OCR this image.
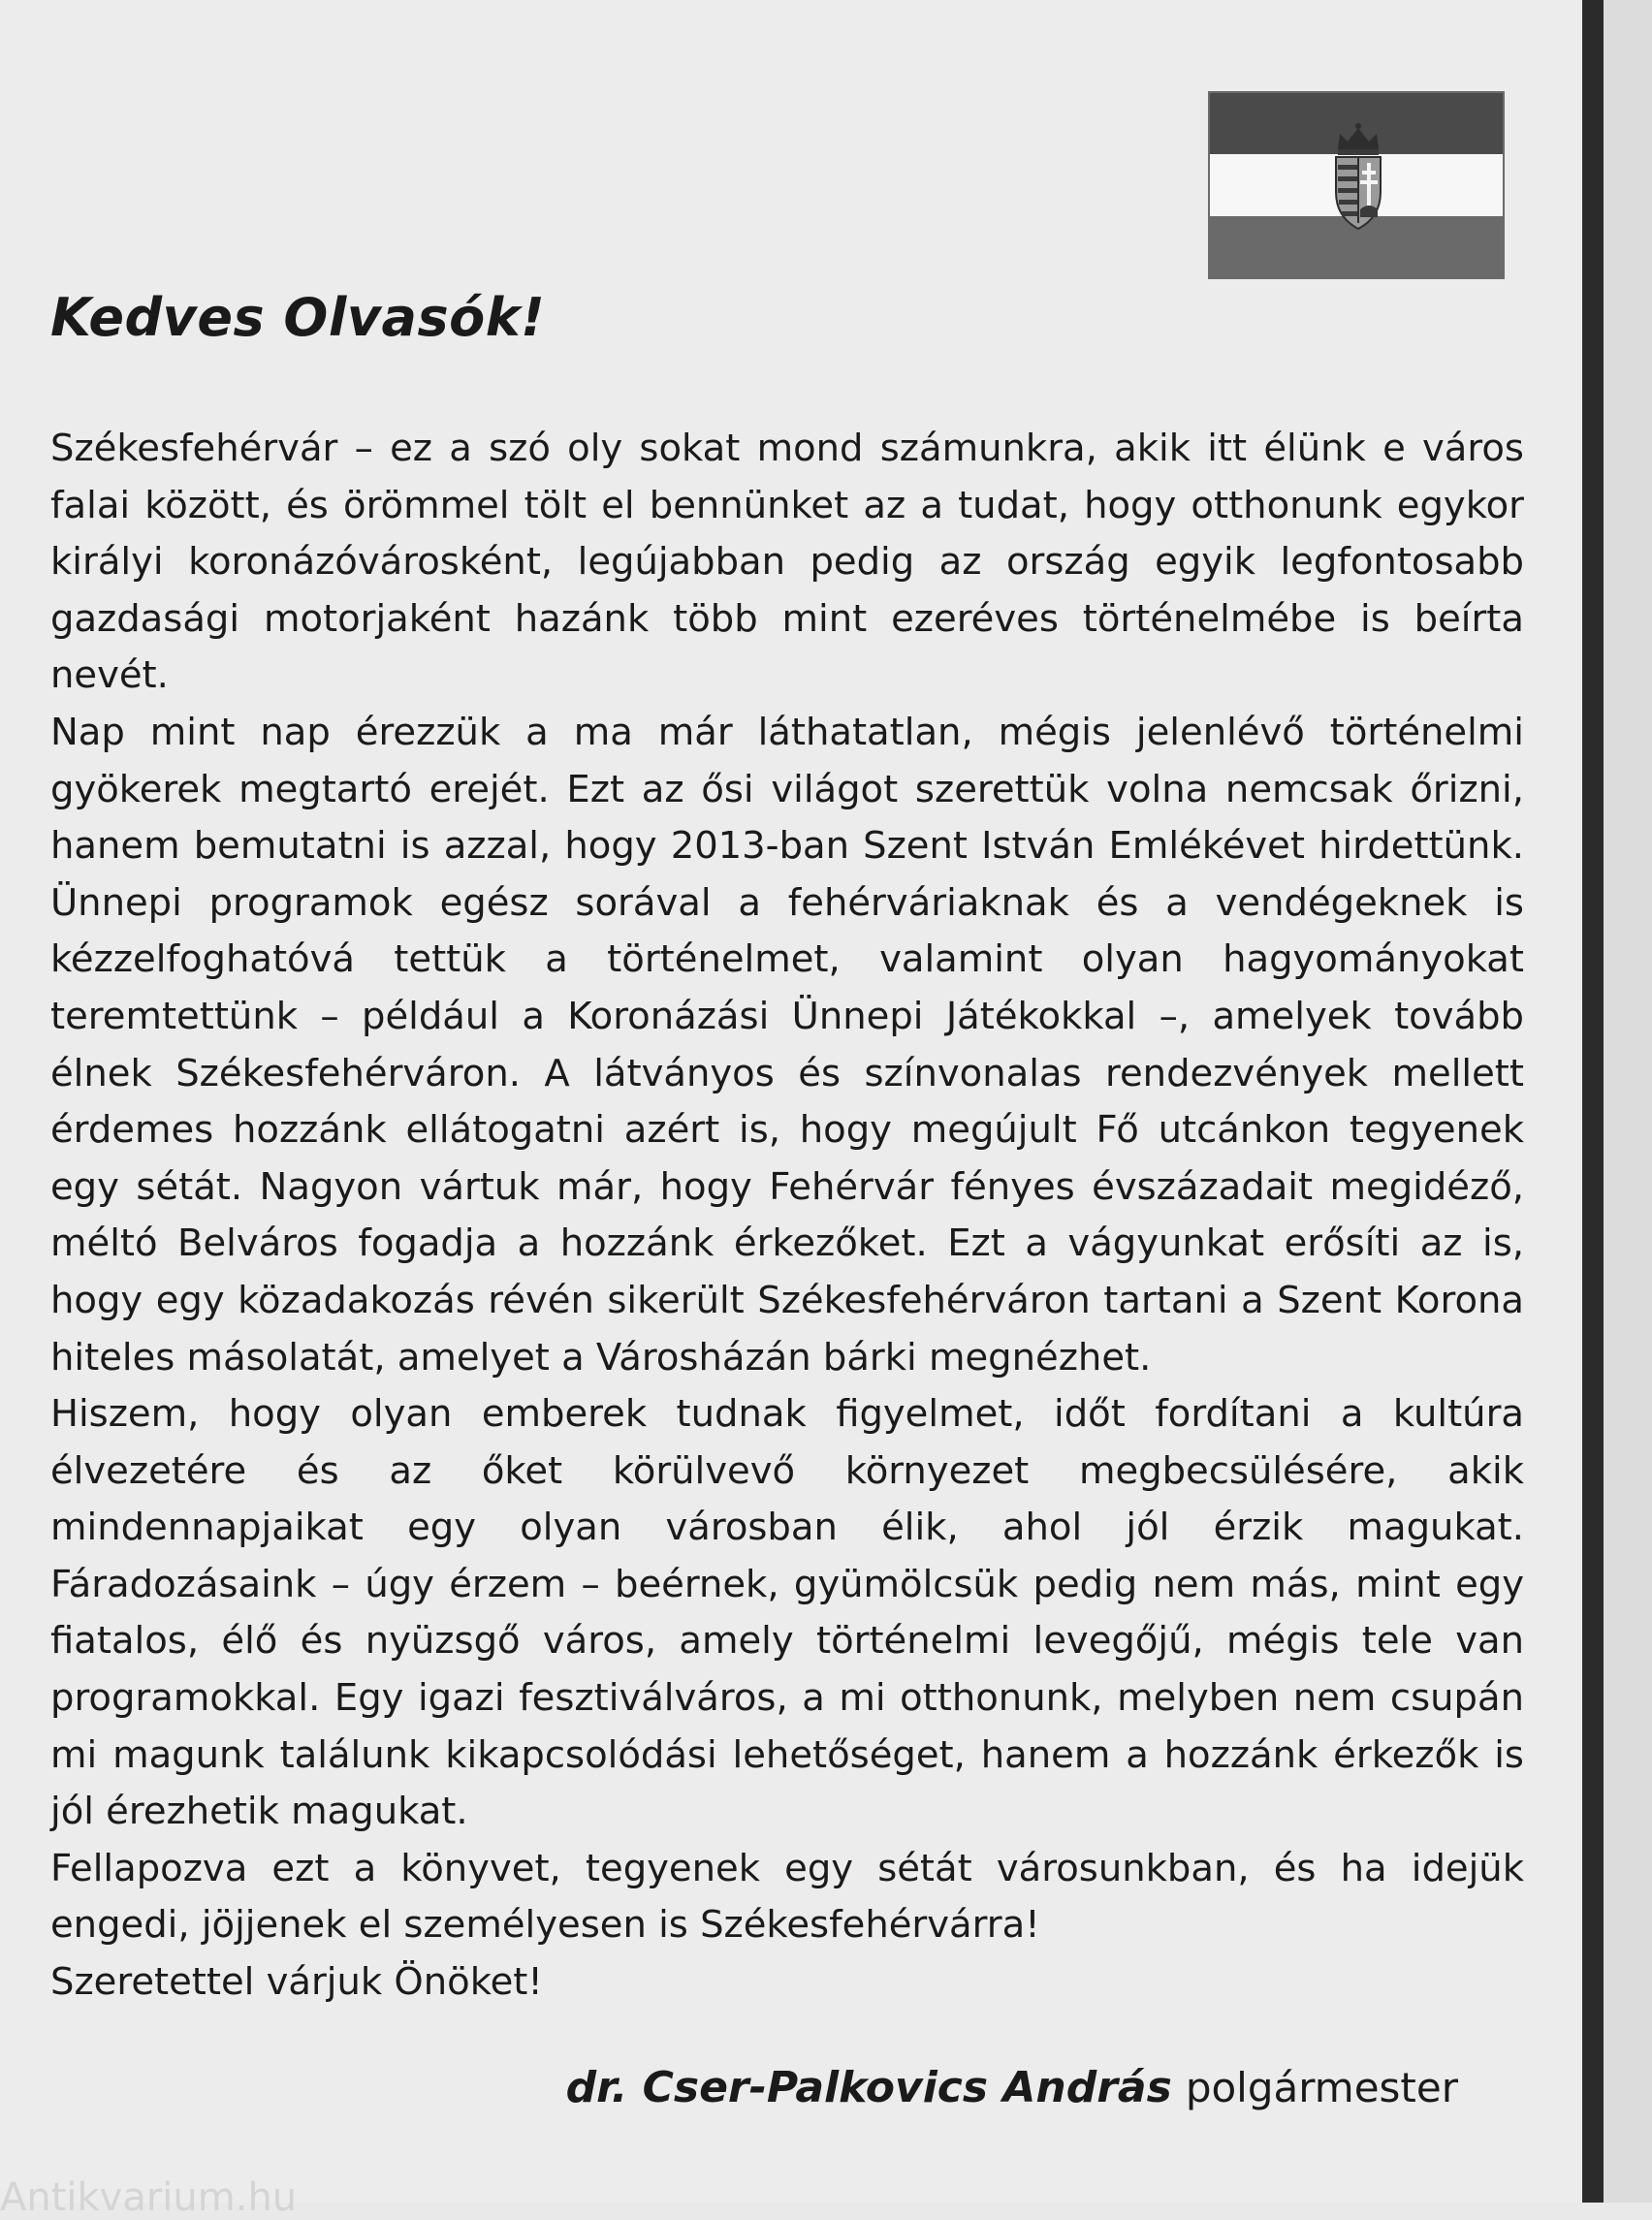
Kedves Olvasók!

Székesfehérvár – ez a szó oly sokat mond számunkra, akik itt élünk e város falai között, és örömmel tölt el bennünket az a tudat, hogy otthonunk egykor királyi koronázóvárosként, legújabban pedig az ország egyik legfontosabb gazdasági motorjaként hazánk több mint ezeréves történelmébe is beírta nevét.

Nap mint nap érezzük a ma már láthatatlan, mégis jelenlévő történelmi gyökerek megtartó erejét. Ezt az ősi világot szerettük volna nemcsak őrizni, hanem bemutatni is azzal, hogy 2013-ban Szent István Emlékévet hirdettünk. Ünnepi programok egész sorával a fehérváriaknak és a vendégeknek is kézzelfoghatóvá tettük a történelmet, valamint olyan hagyományokat teremtettünk – például a Koronázási Ünnepi Játékokkal –, amelyek tovább élnek Székesfehérváron. A látványos és színvonalas rendezvények mellett érdemes hozzánk ellátogatni azért is, hogy megújult Fő utcánkon tegyenek egy sétát. Nagyon vártuk már, hogy Fehérvár fényes évszázadait megidéző, méltó Belváros fogadja a hozzánk érkezőket. Ezt a vágyunkat erősíti az is, hogy egy közadakozás révén sikerült Székesfehérváron tartani a Szent Korona hiteles másolatát, amelyet a Városházán bárki megnézhet.

Hiszem, hogy olyan emberek tudnak figyelmet, időt fordítani a kultúra élvezetére és az őket körülvevő környezet megbecsülésére, akik mindennapjaikat egy olyan városban élik, ahol jól érzik magukat. Fáradozásaink – úgy érzem – beérnek, gyümölcsük pedig nem más, mint egy fiatalos, élő és nyüzsgő város, amely történelmi levegőjű, mégis tele van programokkal. Egy igazi fesztiválváros, a mi otthonunk, melyben nem csupán mi magunk találunk kikapcsolódási lehetőséget, hanem a hozzánk érkezők is jól érezhetik magukat.

Fellapozva ezt a könyvet, tegyenek egy sétát városunkban, és ha idejük engedi, jöjjenek el személyesen is Székesfehérvárra!

Szeretettel várjuk Önöket!

dr. Cser-Palkovics András polgármester

Antikvarium.hu
